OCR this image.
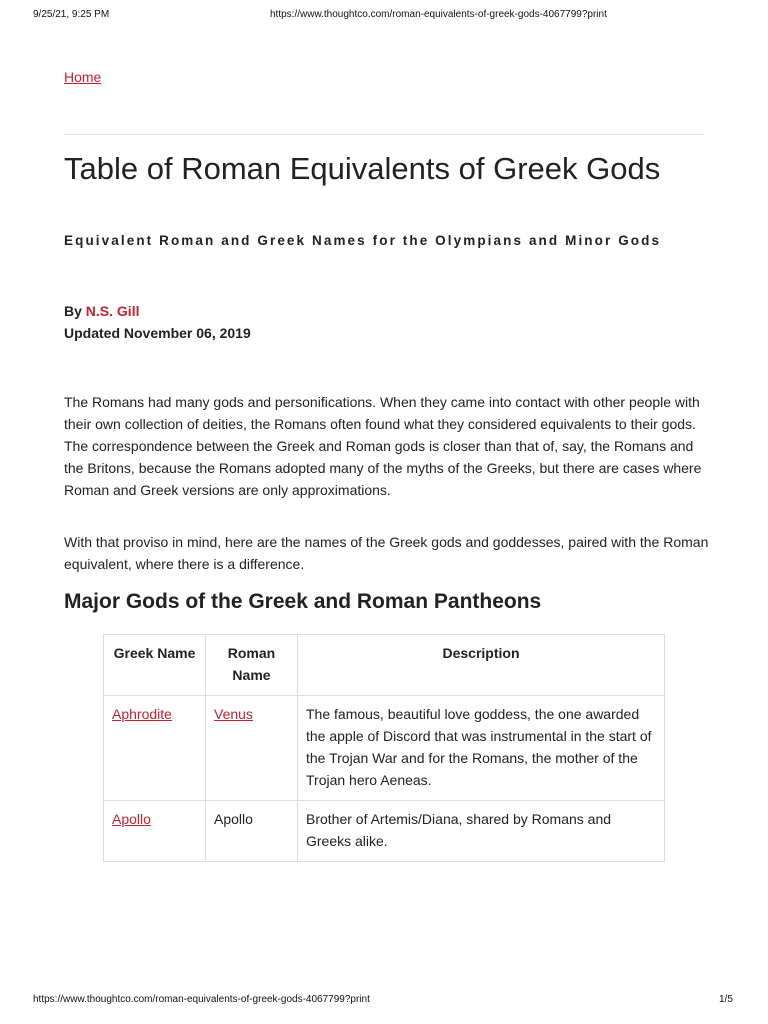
9/25/21, 9:25 PM	https://www.thoughtco.com/roman-equivalents-of-greek-gods-4067799?print
Home
Table of Roman Equivalents of Greek Gods
Equivalent Roman and Greek Names for the Olympians and Minor Gods
By N.S. Gill
Updated November 06, 2019

The Romans had many gods and personifications. When they came into contact with other people with their own collection of deities, the Romans often found what they considered equivalents to their gods. The correspondence between the Greek and Roman gods is closer than that of, say, the Romans and the Britons, because the Romans adopted many of the myths of the Greeks, but there are cases where Roman and Greek versions are only approximations.

With that proviso in mind, here are the names of the Greek gods and goddesses, paired with the Roman equivalent, where there is a difference.

Major Gods of the Greek and Roman Pantheons
Greek Name	Roman Name	Description
Aphrodite	Venus	The famous, beautiful love goddess, the one awarded the apple of Discord that was instrumental in the start of the Trojan War and for the Romans, the mother of the Trojan hero Aeneas.
Apollo	Apollo	Brother of Artemis/Diana, shared by Romans and Greeks alike.
https://www.thoughtco.com/roman-equivalents-of-greek-gods-4067799?print	1/5
